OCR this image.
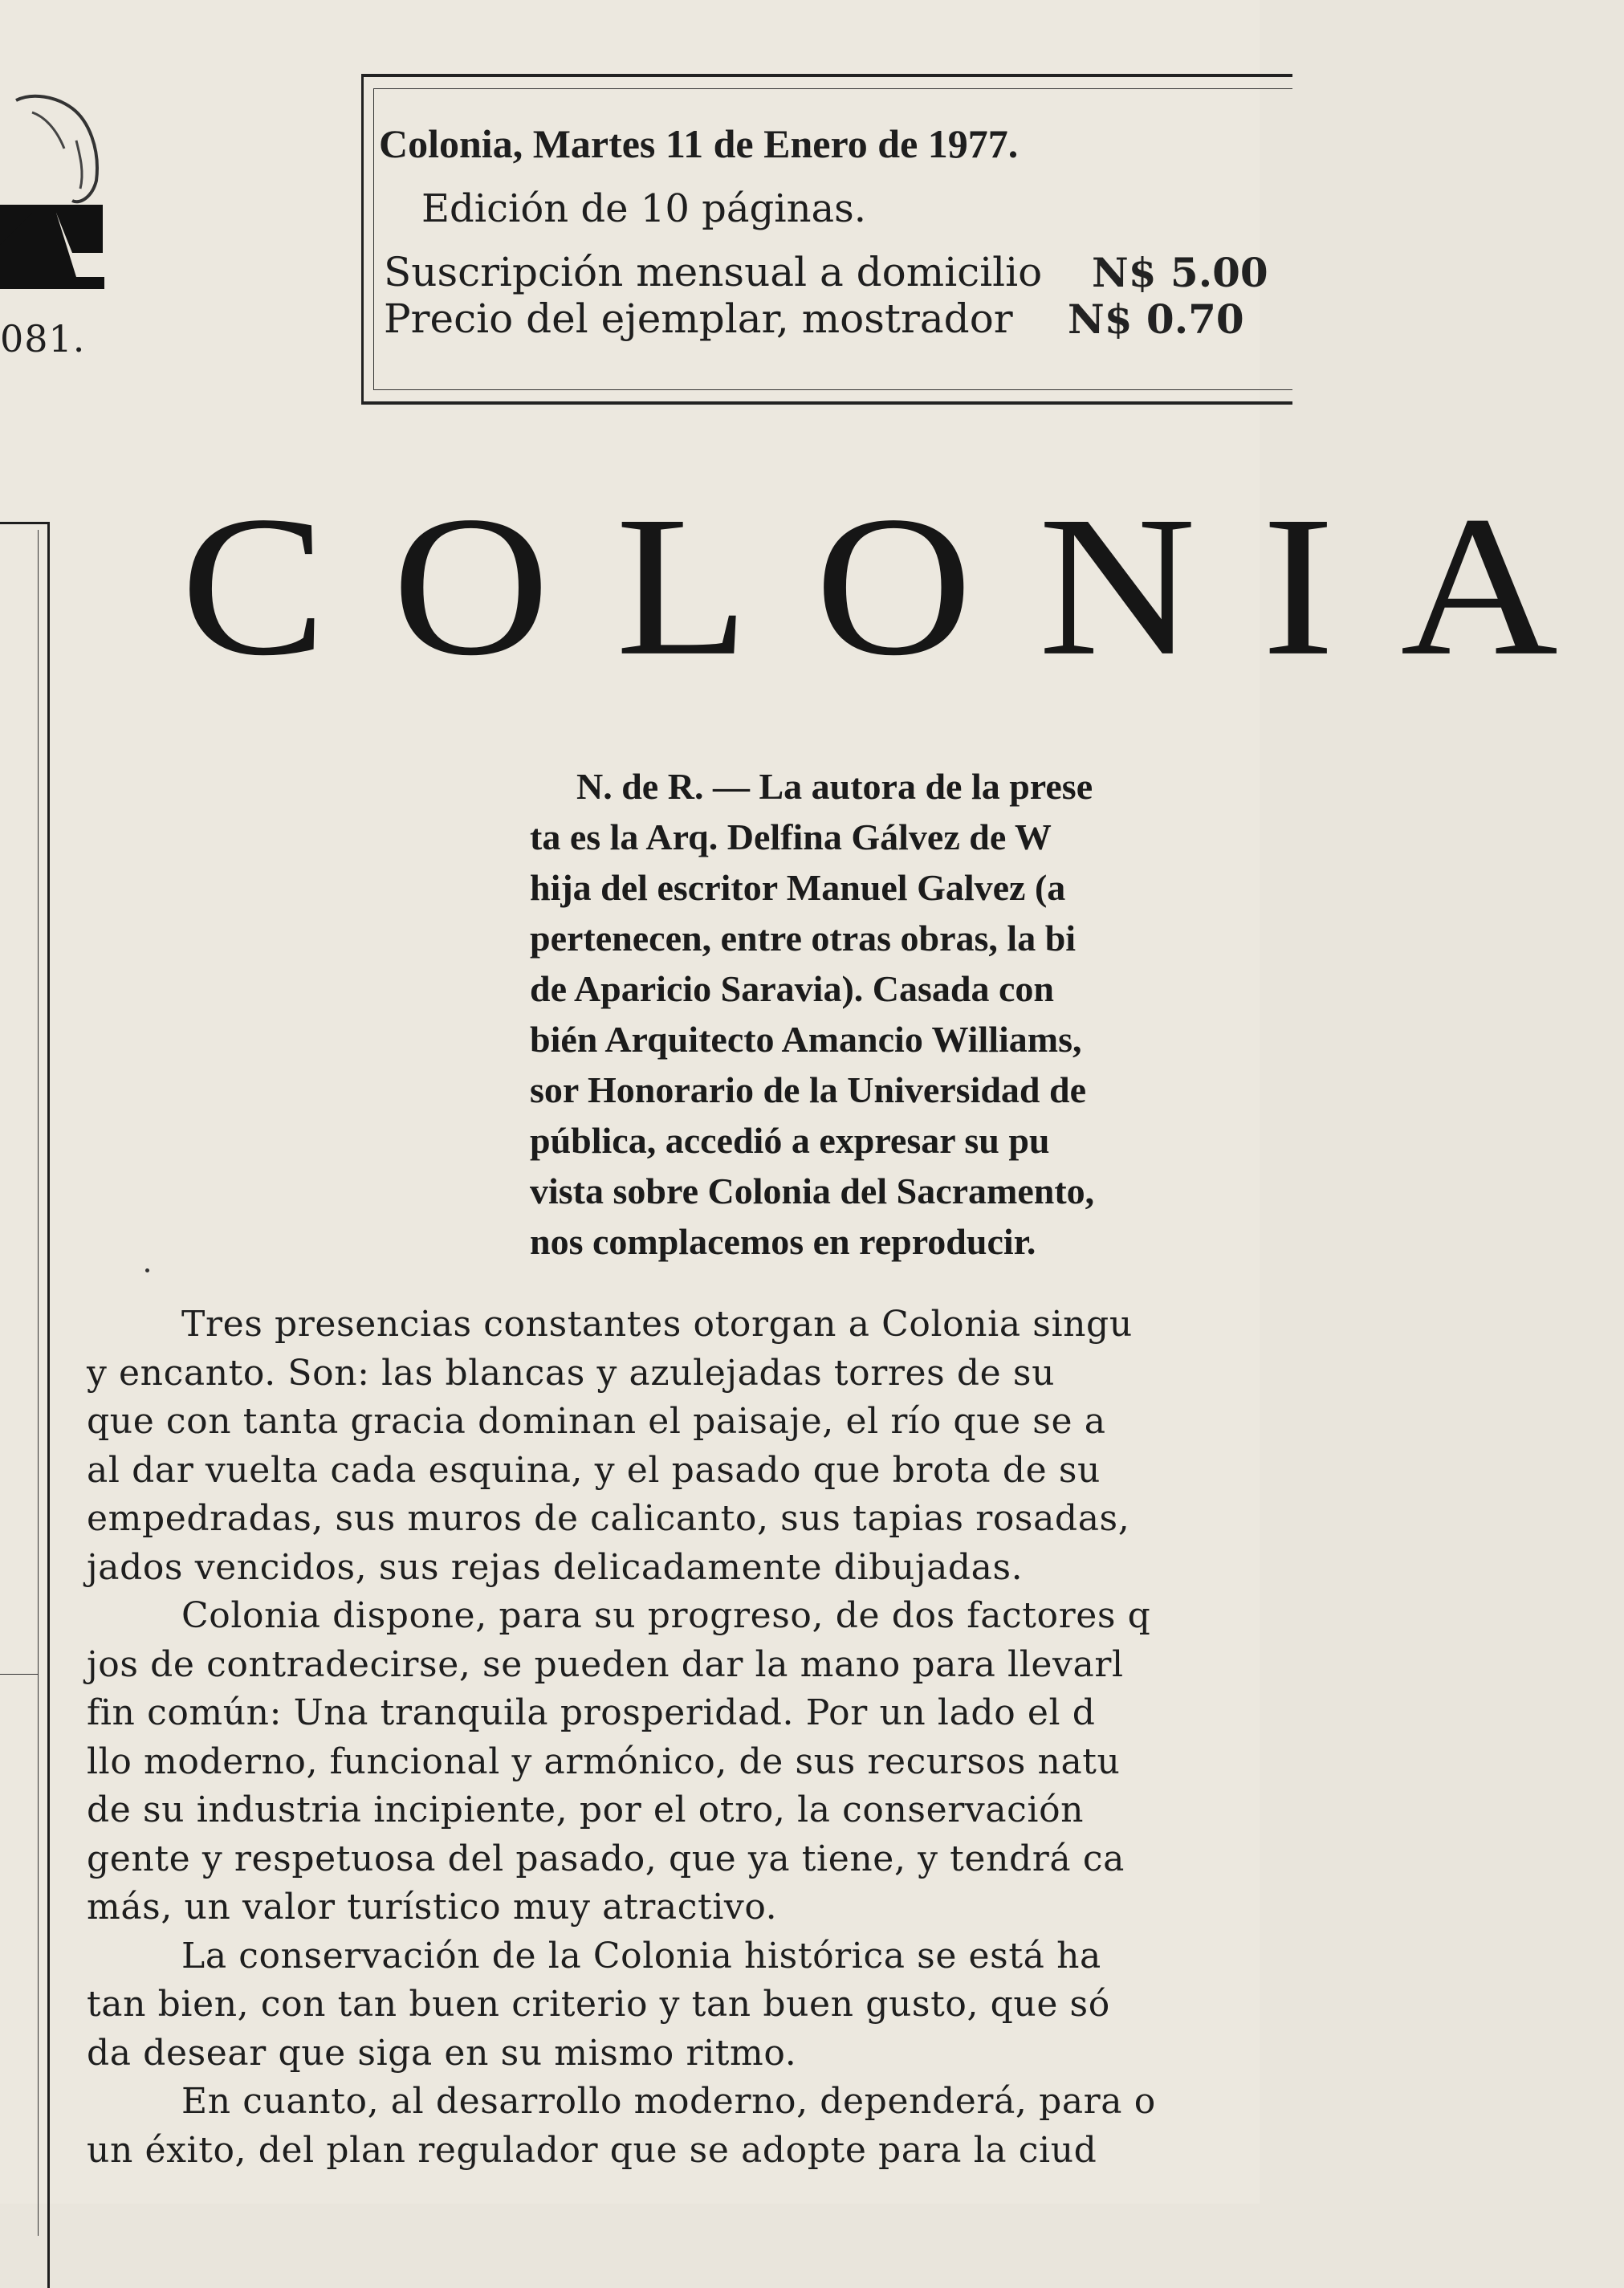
081.
Colonia, Martes 11 de Enero de 1977.
Edición de 10 páginas.
Suscripción mensual a domicilio N$ 5.00
Precio del ejemplar, mostrador N$ 0.70
COLONIA
N. de R. — La autora de la prese
ta es la Arq. Delfina Gálvez de W
hija del escritor Manuel Galvez (a
pertenecen, entre otras obras, la bi
de Aparicio Saravia). Casada con
bién Arquitecto Amancio Williams,
sor Honorario de la Universidad de
pública, accedió a expresar su pu
vista sobre Colonia del Sacramento,
nos complacemos en reproducir.
Tres presencias constantes otorgan a Colonia singu
y encanto. Son: las blancas y azulejadas torres de su
que con tanta gracia dominan el paisaje, el río que se a
al dar vuelta cada esquina, y el pasado que brota de su
empedradas, sus muros de calicanto, sus tapias rosadas,
jados vencidos, sus rejas delicadamente dibujadas.
Colonia dispone, para su progreso, de dos factores q
jos de contradecirse, se pueden dar la mano para llevarl
fin común: Una tranquila prosperidad. Por un lado el d
llo moderno, funcional y armónico, de sus recursos natu
de su industria incipiente, por el otro, la conservación
gente y respetuosa del pasado, que ya tiene, y tendrá ca
más, un valor turístico muy atractivo.
La conservación de la Colonia histórica se está ha
tan bien, con tan buen criterio y tan buen gusto, que só
da desear que siga en su mismo ritmo.
En cuanto, al desarrollo moderno, dependerá, para o
un éxito, del plan regulador que se adopte para la ciud
